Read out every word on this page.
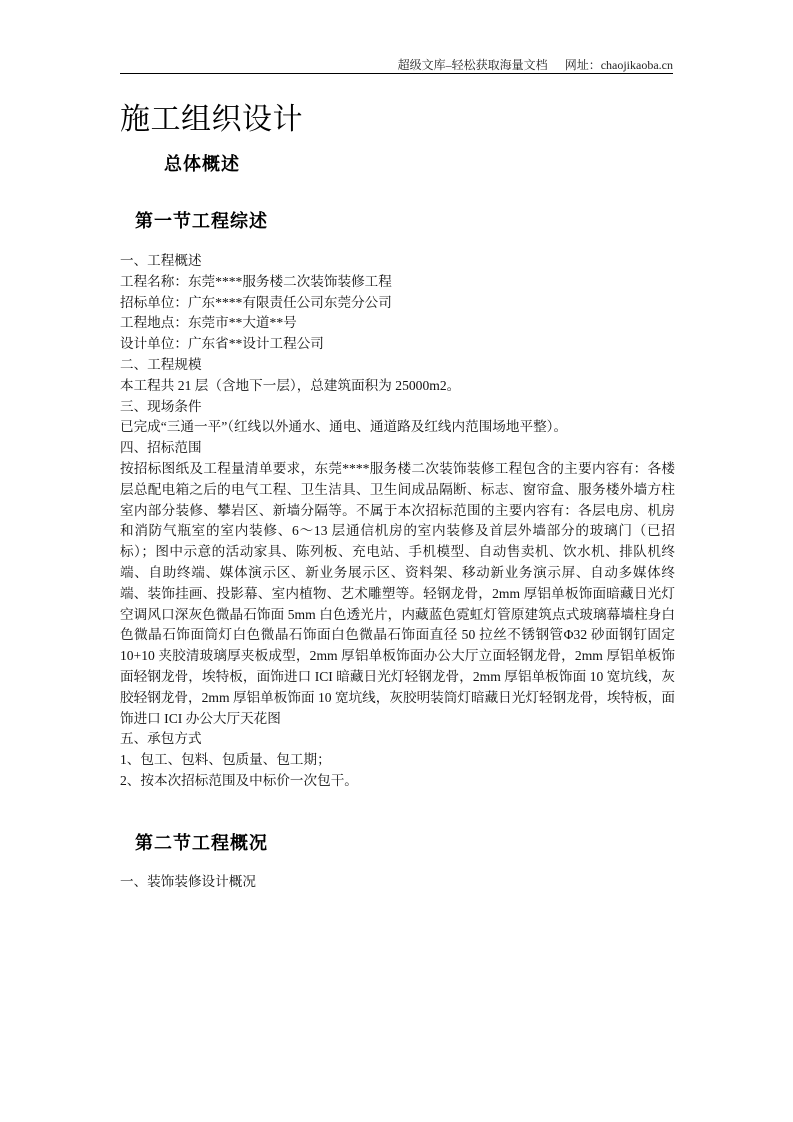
超级文库–轻松获取海量文档 网址：chaojikaoba.cn
施工组织设计
总体概述
第一节工程综述

一、工程概述

工程名称：东莞****服务楼二次装饰装修工程

招标单位：广东****有限责任公司东莞分公司

工程地点：东莞市**大道**号

设计单位：广东省**设计工程公司

二、工程规模

本工程共 21 层（含地下一层），总建筑面积为 25000m2。

三、现场条件

已完成“三通一平”（红线以外通水、通电、通道路及红线内范围场地平整）。

四、招标范围

按招标图纸及工程量清单要求，东莞****服务楼二次装饰装修工程包含的主要内容有：各楼层总配电箱之后的电气工程、卫生洁具、卫生间成品隔断、标志、窗帘盒、服务楼外墙方柱室内部分装修、攀岩区、新墙分隔等。不属于本次招标范围的主要内容有：各层电房、机房和消防气瓶室的室内装修、6～13 层通信机房的室内装修及首层外墙部分的玻璃门（已招标）；图中示意的活动家具、陈列板、充电站、手机模型、自动售卖机、饮水机、排队机终端、自助终端、媒体演示区、新业务展示区、资料架、移动新业务演示屏、自动多媒体终端、装饰挂画、投影幕、室内植物、艺术雕塑等。轻钢龙骨，2mm 厚铝单板饰面暗藏日光灯空调风口深灰色微晶石饰面 5mm 白色透光片，内藏蓝色霓虹灯管原建筑点式玻璃幕墙柱身白色微晶石饰面筒灯白色微晶石饰面白色微晶石饰面直径 50 拉丝不锈钢管Φ32 砂面钢钉固定 10+10 夹胶清玻璃厚夹板成型，2mm 厚铝单板饰面办公大厅立面轻钢龙骨，2mm 厚铝单板饰面轻钢龙骨，埃特板，面饰进口 ICI 暗藏日光灯轻钢龙骨，2mm 厚铝单板饰面 10 宽坑线，灰胶轻钢龙骨，2mm 厚铝单板饰面 10 宽坑线，灰胶明装筒灯暗藏日光灯轻钢龙骨，埃特板，面饰进口 ICI 办公大厅天花图

五、承包方式

1、包工、包料、包质量、包工期；

2、按本次招标范围及中标价一次包干。

第二节工程概况

一、装饰装修设计概况
